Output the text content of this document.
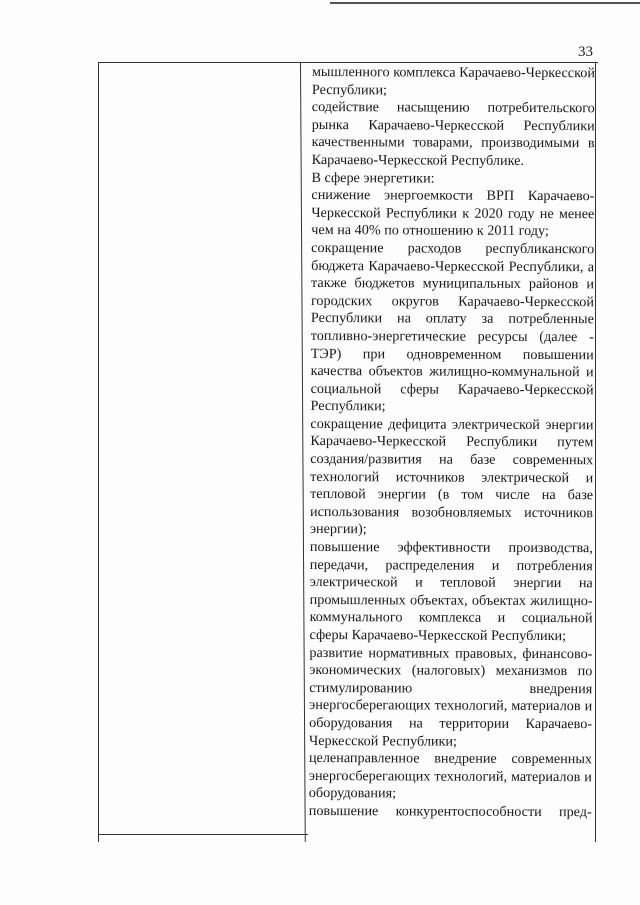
33

мышленного комплекса Карачаево-Черкесской Республики;

содействие насыщению потребительского рынка Карачаево-Черкесской Республики качественными товарами, производимыми в Карачаево-Черкесской Республике.

В сфере энергетики:

снижение энергоемкости ВРП Карачаево-Черкесской Республики к 2020 году не менее чем на 40% по отношению к 2011 году;

сокращение расходов республиканского бюджета Карачаево-Черкесской Республики, а также бюджетов муниципальных районов и городских округов Карачаево-Черкесской Республики на оплату за потребленные топливно-энергетические ресурсы (далее - ТЭР) при одновременном повышении качества объектов жилищно-коммунальной и социальной сферы Карачаево-Черкесской Республики;

сокращение дефицита электрической энергии Карачаево-Черкесской Республики путем создания/развития на базе современных технологий источников электрической и тепловой энергии (в том числе на базе использования возобновляемых источников энергии);

повышение эффективности производства, передачи, распределения и потребления электрической и тепловой энергии на промышленных объектах, объектах жилищно-коммунального комплекса и социальной сферы Карачаево-Черкесской Республики;

развитие нормативных правовых, финансово-экономических (налоговых) механизмов по стимулированию внедрения энергосберегающих технологий, материалов и оборудования на территории Карачаево-Черкесской Республики;

целенаправленное внедрение современных энергосберегающих технологий, материалов и оборудования;

повышение конкурентоспособности пред-
